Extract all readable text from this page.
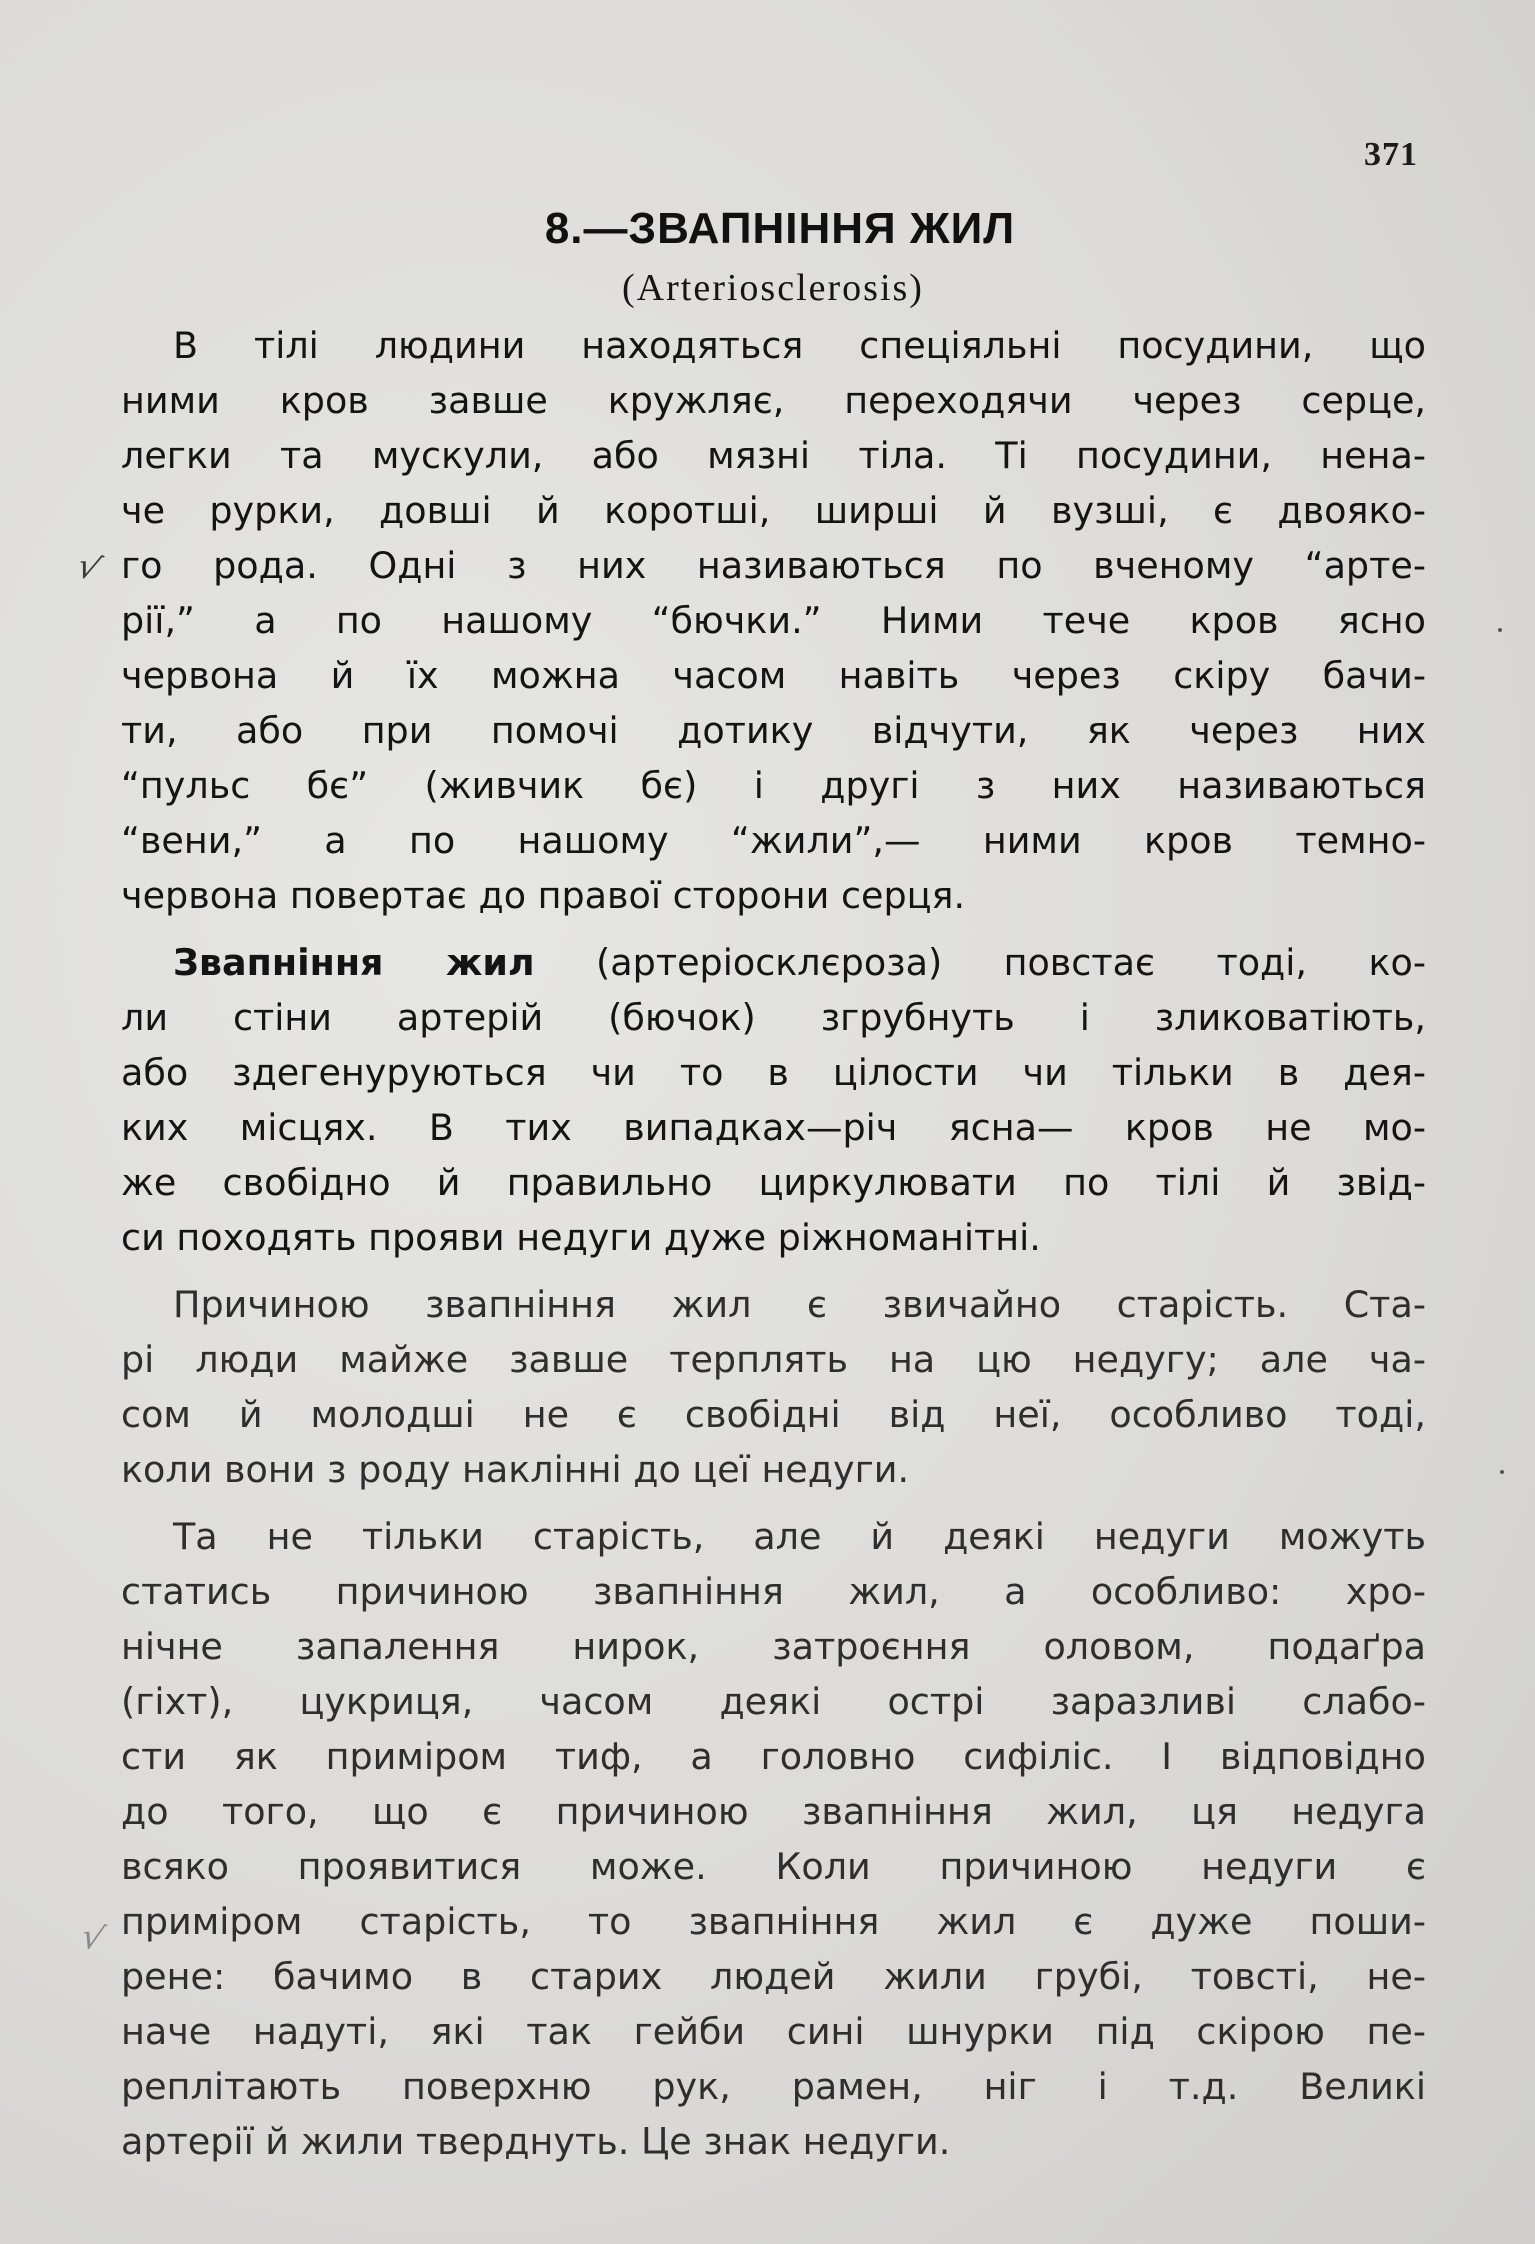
371
8.—ЗВАПНІННЯ ЖИЛ
(Arteriosclerosis)
√
√
В тілі людини находяться спеціяльні посудини, що
ними кров завше кружляє, переходячи через серце,
легки та мускули, або мязні тіла. Ті посудини, нена-
че рурки, довші й коротші, ширші й вузші, є двояко-
го рода. Одні з них називаються по вченому “арте-
рії,” а по нашому “бючки.” Ними тече кров ясно
червона й їх можна часом навіть через скіру бачи-
ти, або при помочі дотику відчути, як через них
“пульс бє” (живчик бє) і другі з них називаються
“вени,” а по нашому “жили”,— ними кров темно-
червона повертає до правої сторони серця.
Звапніння жил (артеріосклєроза) повстає тоді, ко-
ли стіни артерій (бючок) згрубнуть і зликоватіють,
або здегенуруються чи то в цілости чи тільки в дея-
ких місцях. В тих випадках—річ ясна— кров не мо-
же свобідно й правильно циркулювати по тілі й звід-
си походять прояви недуги дуже ріжноманітні.
Причиною звапніння жил є звичайно старість. Ста-
рі люди майже завше терплять на цю недугу; але ча-
сом й молодші не є свобідні від неї, особливо тоді,
коли вони з роду наклінні до цеї недуги.
Та не тільки старість, але й деякі недуги можуть
статись причиною звапніння жил, а особливо: хро-
нічне запалення нирок, затроєння оловом, подаґра
(гіхт), цукриця, часом деякі острі заразливі слабо-
сти як приміром тиф, а головно сифіліс. І відповідно
до того, що є причиною звапніння жил, ця недуга
всяко проявитися може. Коли причиною недуги є
приміром старість, то звапніння жил є дуже поши-
рене: бачимо в старих людей жили грубі, товсті, не-
наче надуті, які так гейби сині шнурки під скірою пе-
реплітають поверхню рук, рамен, ніг і т.д. Великі
артерії й жили тверднуть. Це знак недуги.
